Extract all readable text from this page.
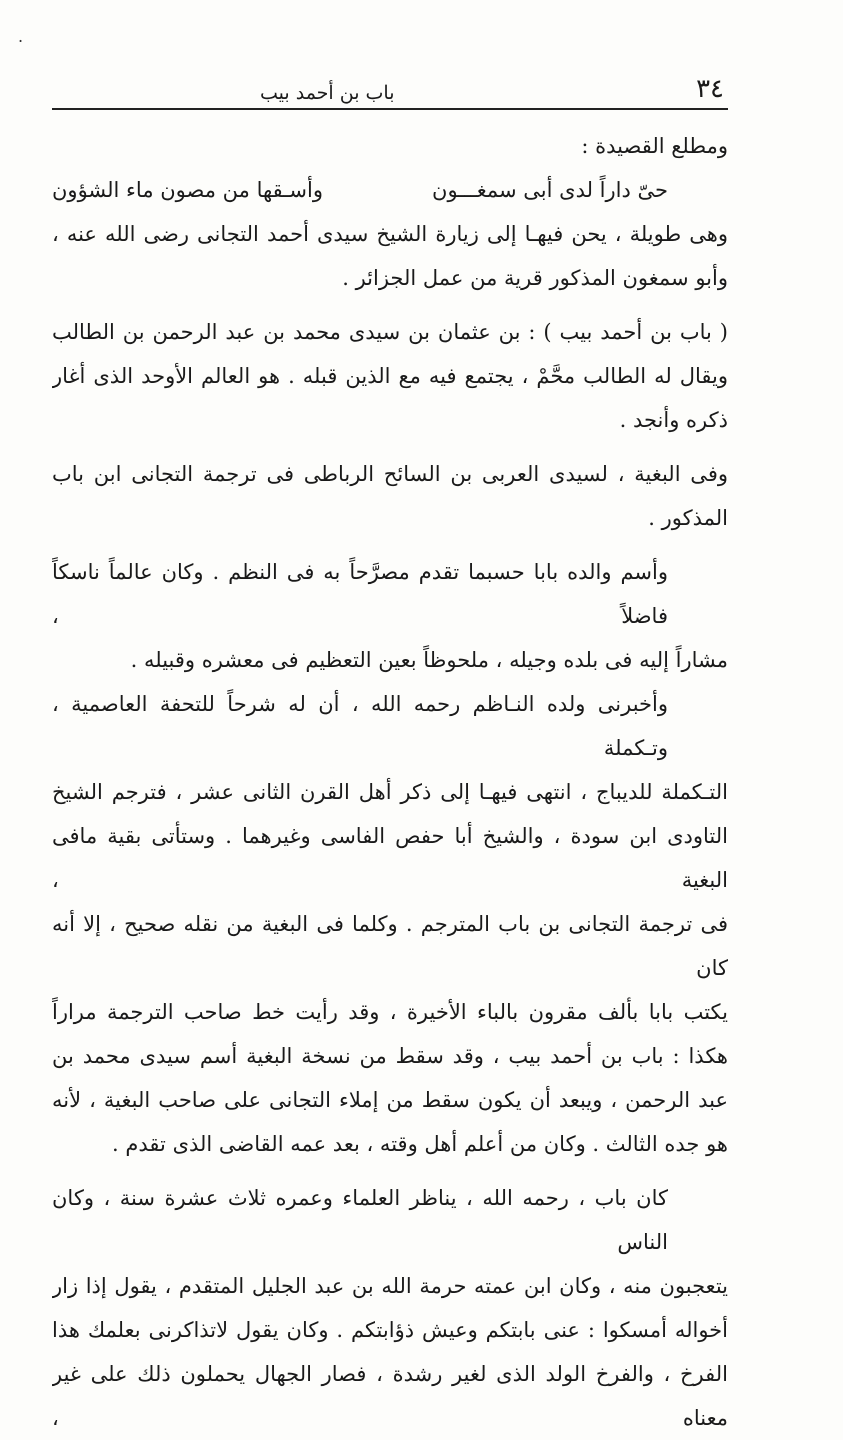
.
٣٤
باب بن أحمد بيب
ومطلع القصيدة :
حىّ داراً لدى أبى سمغـــون
وأسـقها من مصون ماء الشؤون
وهى طويلة ، يحن فيهـا إلى زيارة الشيخ سيدى أحمد التجانى رضى الله عنه ،
وأبو سمغون المذكور قرية من عمل الجزائر .
( باب بن أحمد بيب ) : بن عثمان بن سيدى محمد بن عبد الرحمن بن الطالب
ويقال له الطالب محَّمْ ، يجتمع فيه مع الذين قبله . هو العالم الأوحد الذى أغار
ذكره وأنجد .
وفى البغية ، لسيدى العربى بن السائح الرباطى فى ترجمة التجانى ابن باب
المذكور .
وأسم والده بابا حسبما تقدم مصرَّحاً به فى النظم . وكان عالماً ناسكاً فاضلاً ،
مشاراً إليه فى بلده وجيله ، ملحوظاً بعين التعظيم فى معشره وقبيله .
وأخبرنى ولده النـاظم رحمه الله ، أن له شرحاً للتحفة العاصمية ، وتـكملة
التـكملة للديباج ، انتهى فيهـا إلى ذكر أهل القرن الثانى عشر ، فترجم الشيخ
التاودى ابن سودة ، والشيخ أبا حفص الفاسى وغيرهما . وستأتى بقية مافى البغية ،
فى ترجمة التجانى بن باب المترجم . وكلما فى البغية من نقله صحيح ، إلا أنه كان
يكتب بابا بألف مقرون بالباء الأخيرة ، وقد رأيت خط صاحب الترجمة مراراً
هكذا : باب بن أحمد بيب ، وقد سقط من نسخة البغية أسم سيدى محمد بن
عبد الرحمن ، ويبعد أن يكون سقط من إملاء التجانى على صاحب البغية ، لأنه
هو جده الثالث . وكان من أعلم أهل وقته ، بعد عمه القاضى الذى تقدم .
كان باب ، رحمه الله ، يناظر العلماء وعمره ثلاث عشرة سنة ، وكان الناس
يتعجبون منه ، وكان ابن عمته حرمة الله بن عبد الجليل المتقدم ، يقول إذا زار
أخواله أمسكوا : عنى بابتكم وعيش ذؤابتكم . وكان يقول لاتذاكرنى بعلمك هذا
الفرخ ، والفرخ الولد الذى لغير رشدة ، فصار الجهال يحملون ذلك على غير معناه ،
